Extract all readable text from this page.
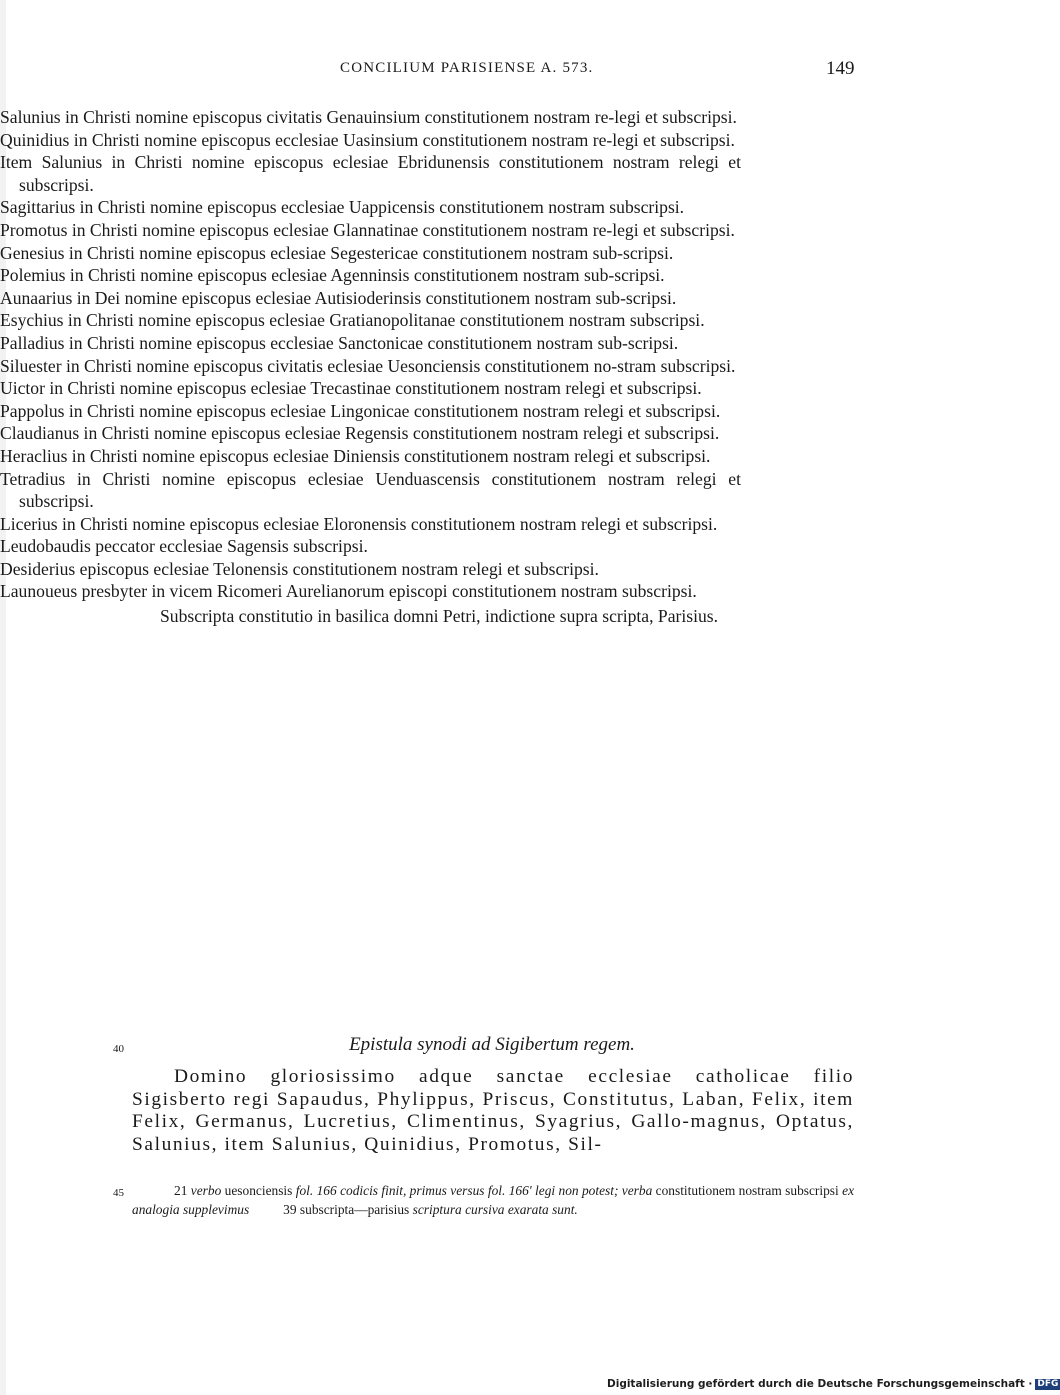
CONCILIUM PARISIENSE A. 573.	149

Salunius in Christi nomine episcopus civitatis Genauinsium constitutionem nostram re-legi et subscripsi.

Quinidius in Christi nomine episcopus ecclesiae Uasinsium constitutionem nostram re-legi et subscripsi.

Item Salunius in Christi nomine episcopus eclesiae Ebridunensis constitutionem nostram relegi et subscripsi.

Sagittarius in Christi nomine episcopus ecclesiae Uappicensis constitutionem nostram subscripsi.

Promotus in Christi nomine episcopus eclesiae Glannatinae constitutionem nostram re-legi et subscripsi.

Genesius in Christi nomine episcopus eclesiae Segestericae constitutionem nostram sub-scripsi.

Polemius in Christi nomine episcopus eclesiae Agenninsis constitutionem nostram sub-scripsi.

Aunaarius in Dei nomine episcopus eclesiae Autisioderinsis constitutionem nostram sub-scripsi.

Esychius in Christi nomine episcopus eclesiae Gratianopolitanae constitutionem nostram subscripsi.

Palladius in Christi nomine episcopus ecclesiae Sanctonicae constitutionem nostram sub-scripsi.

Siluester in Christi nomine episcopus civitatis eclesiae Uesonciensis constitutionem no-stram subscripsi.

Uictor in Christi nomine episcopus eclesiae Trecastinae constitutionem nostram relegi et subscripsi.

Pappolus in Christi nomine episcopus eclesiae Lingonicae constitutionem nostram relegi et subscripsi.

Claudianus in Christi nomine episcopus eclesiae Regensis constitutionem nostram relegi et subscripsi.

Heraclius in Christi nomine episcopus eclesiae Diniensis constitutionem nostram relegi et subscripsi.

Tetradius in Christi nomine episcopus eclesiae Uenduascensis constitutionem nostram relegi et subscripsi.

Licerius in Christi nomine episcopus eclesiae Eloronensis constitutionem nostram relegi et subscripsi.

Leudobaudis peccator ecclesiae Sagensis subscripsi.

Desiderius episcopus eclesiae Telonensis constitutionem nostram relegi et subscripsi.

Launoueus presbyter in vicem Ricomeri Aurelianorum episcopi constitutionem nostram subscripsi.

Subscripta constitutio in basilica domni Petri, indictione supra scripta, Parisius.

40	Epistula synodi ad Sigibertum regem.
Domino gloriosissimo adque sanctae ecclesiae catholicae filio Sigisberto regi Sapaudus, Phylippus, Priscus, Constitutus, Laban, Felix, item Felix, Germanus, Lucretius, Climentinus, Syagrius, Gallo-magnus, Optatus, Salunius, item Salunius, Quinidius, Promotus, Sil-
45	21 verbo uesonciensis fol. 166 codicis finit, primus versus fol. 166' legi non potest; verba constitutionem nostram subscripsi ex analogia supplevimus	39 subscripta—parisius scriptura cursiva exarata sunt.
Digitalisierung gefördert durch die Deutsche Forschungsgemeinschaft · DFG
